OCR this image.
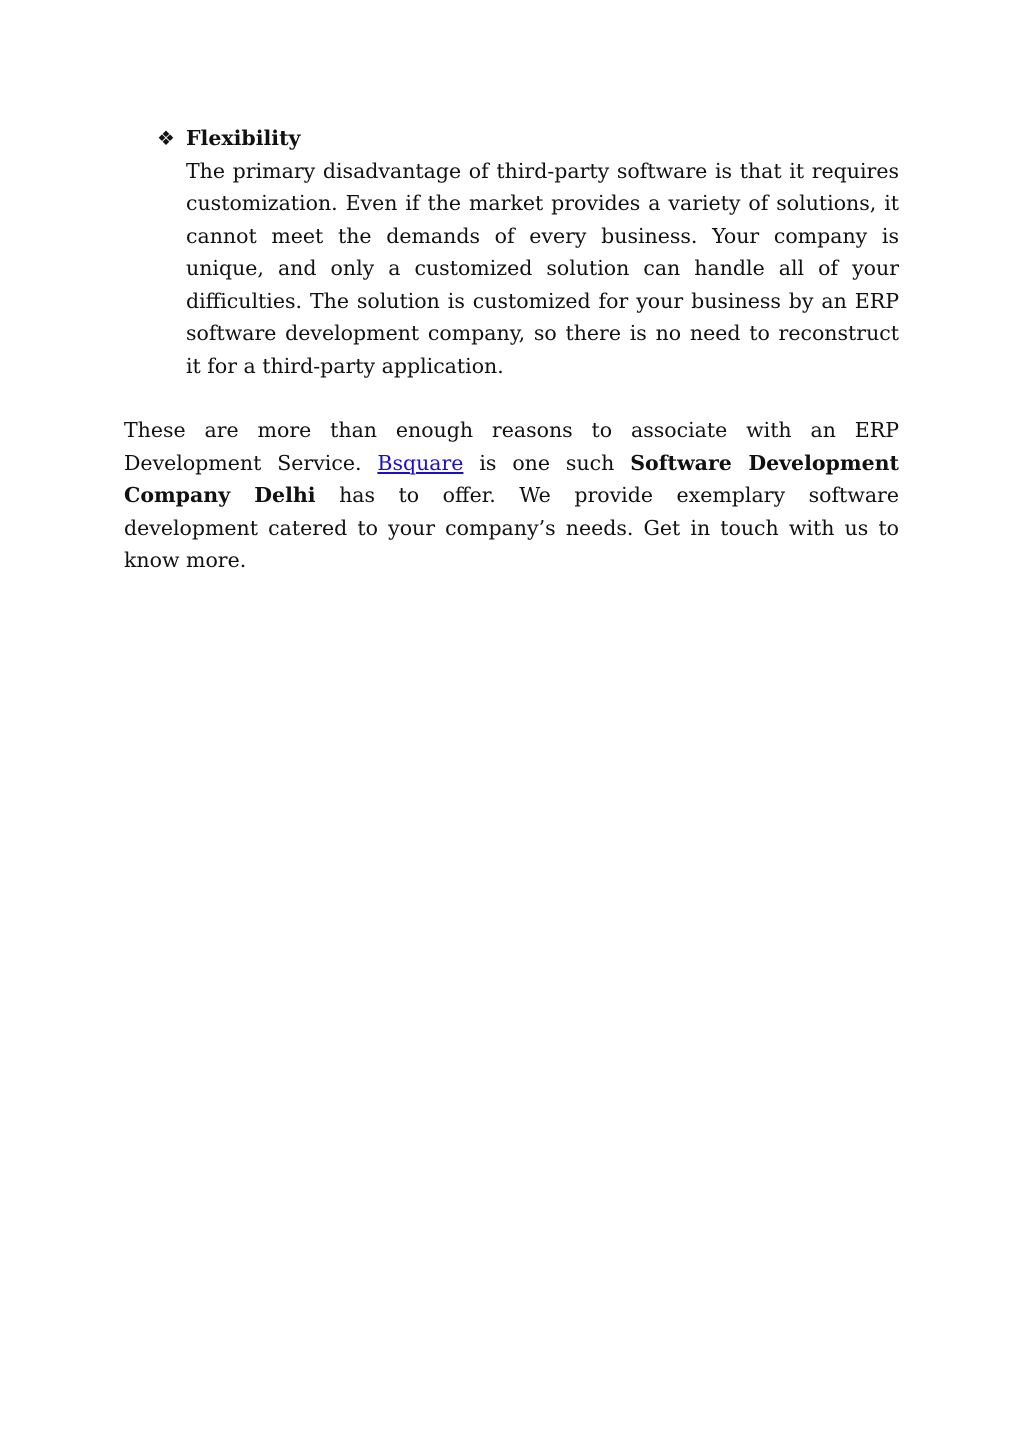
❖ Flexibility

The primary disadvantage of third-party software is that it requires customization. Even if the market provides a variety of solutions, it cannot meet the demands of every business. Your company is unique, and only a customized solution can handle all of your difficulties. The solution is customized for your business by an ERP software development company, so there is no need to reconstruct it for a third-party application.

These are more than enough reasons to associate with an ERP Development Service. Bsquare is one such Software Development Company Delhi has to offer. We provide exemplary software development catered to your company’s needs. Get in touch with us to know more.
